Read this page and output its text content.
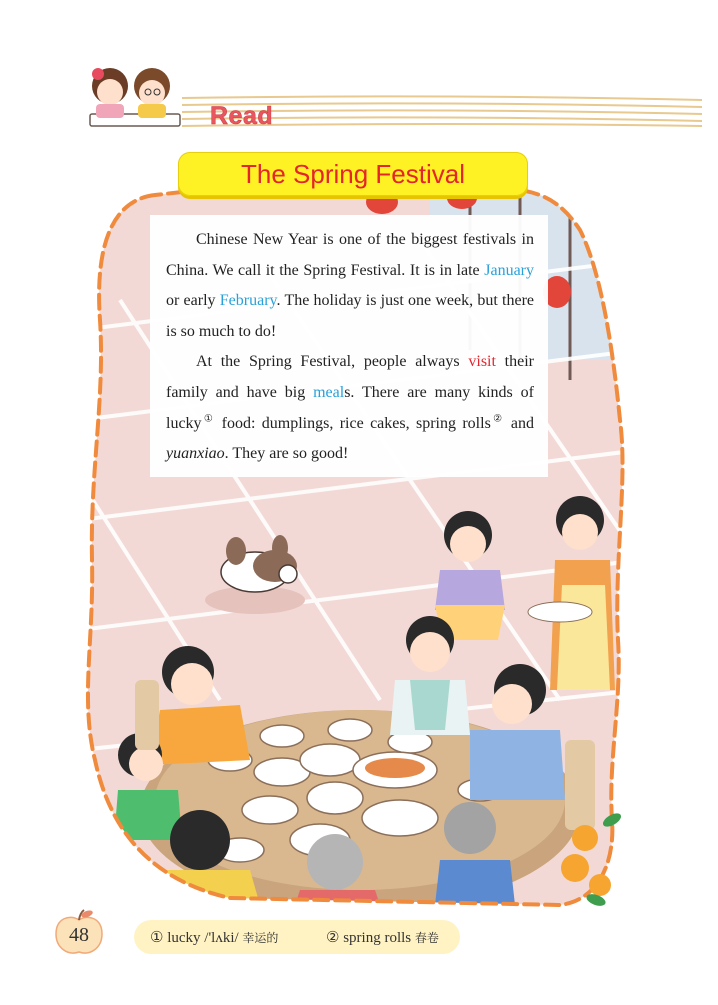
Read
The Spring Festival

Chinese New Year is one of the biggest festivals in China. We call it the Spring Festival. It is in late January or early February. The holiday is just one week, but there is so much to do!

At the Spring Festival, people always visit their family and have big meals. There are many kinds of lucky① food: dumplings, rice cakes, spring rolls② and yuanxiao. They are so good!

48	① lucky /'lʌki/ 幸运的	② spring rolls 春卷
